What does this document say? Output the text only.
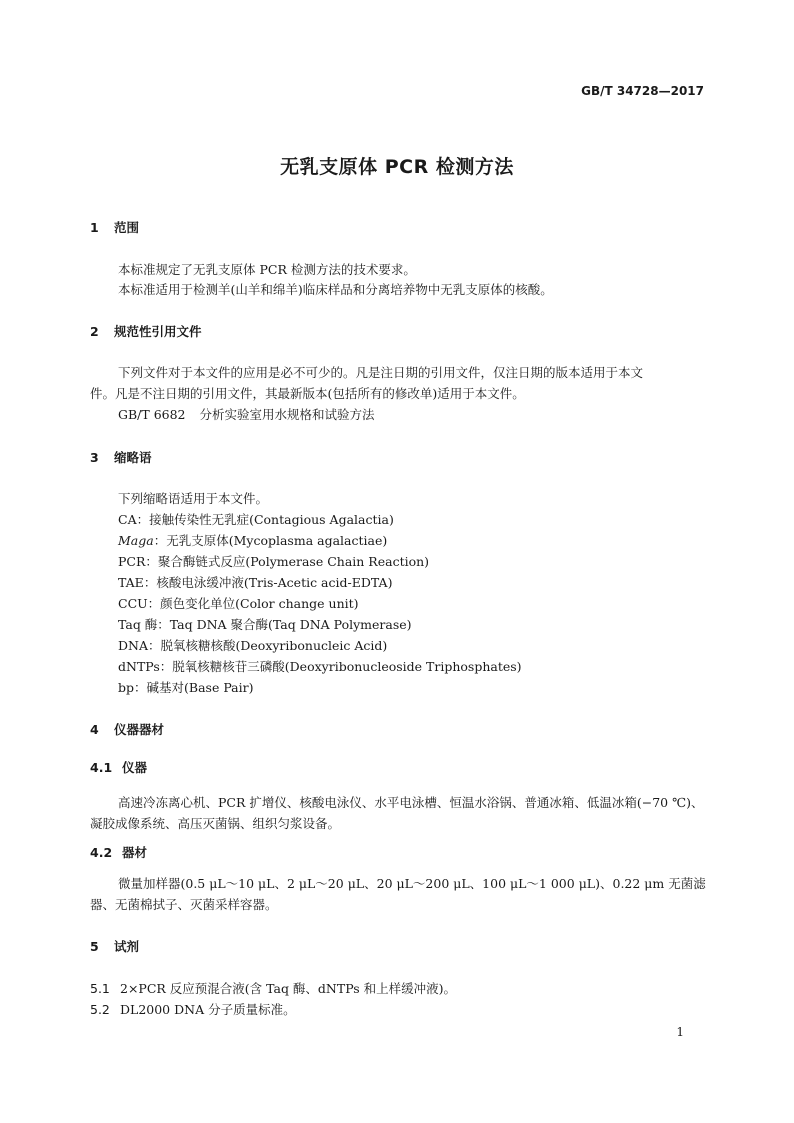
GB/T 34728—2017
无乳支原体 PCR 检测方法
1 范围
本标准规定了无乳支原体 PCR 检测方法的技术要求。
本标准适用于检测羊(山羊和绵羊)临床样品和分离培养物中无乳支原体的核酸。
2 规范性引用文件
下列文件对于本文件的应用是必不可少的。凡是注日期的引用文件，仅注日期的版本适用于本文
件。凡是不注日期的引用文件，其最新版本(包括所有的修改单)适用于本文件。
GB/T 6682 分析实验室用水规格和试验方法
3 缩略语
下列缩略语适用于本文件。
CA：接触传染性无乳症(Contagious Agalactia)
Maga：无乳支原体(Mycoplasma agalactiae)
PCR：聚合酶链式反应(Polymerase Chain Reaction)
TAE：核酸电泳缓冲液(Tris-Acetic acid-EDTA)
CCU：颜色变化单位(Color change unit)
Taq 酶：Taq DNA 聚合酶(Taq DNA Polymerase)
DNA：脱氧核糖核酸(Deoxyribonucleic Acid)
dNTPs：脱氧核糖核苷三磷酸(Deoxyribonucleoside Triphosphates)
bp：碱基对(Base Pair)
4 仪器器材
4.1 仪器
高速冷冻离心机、PCR 扩增仪、核酸电泳仪、水平电泳槽、恒温水浴锅、普通冰箱、低温冰箱(−70 ℃)、
凝胶成像系统、高压灭菌锅、组织匀浆设备。
4.2 器材
微量加样器(0.5 μL～10 μL、2 μL～20 μL、20 μL～200 μL、100 μL～1 000 μL)、0.22 μm 无菌滤
器、无菌棉拭子、灭菌采样容器。
5 试剂
5.1 2×PCR 反应预混合液(含 Taq 酶、dNTPs 和上样缓冲液)。
5.2 DL2000 DNA 分子质量标准。
1
